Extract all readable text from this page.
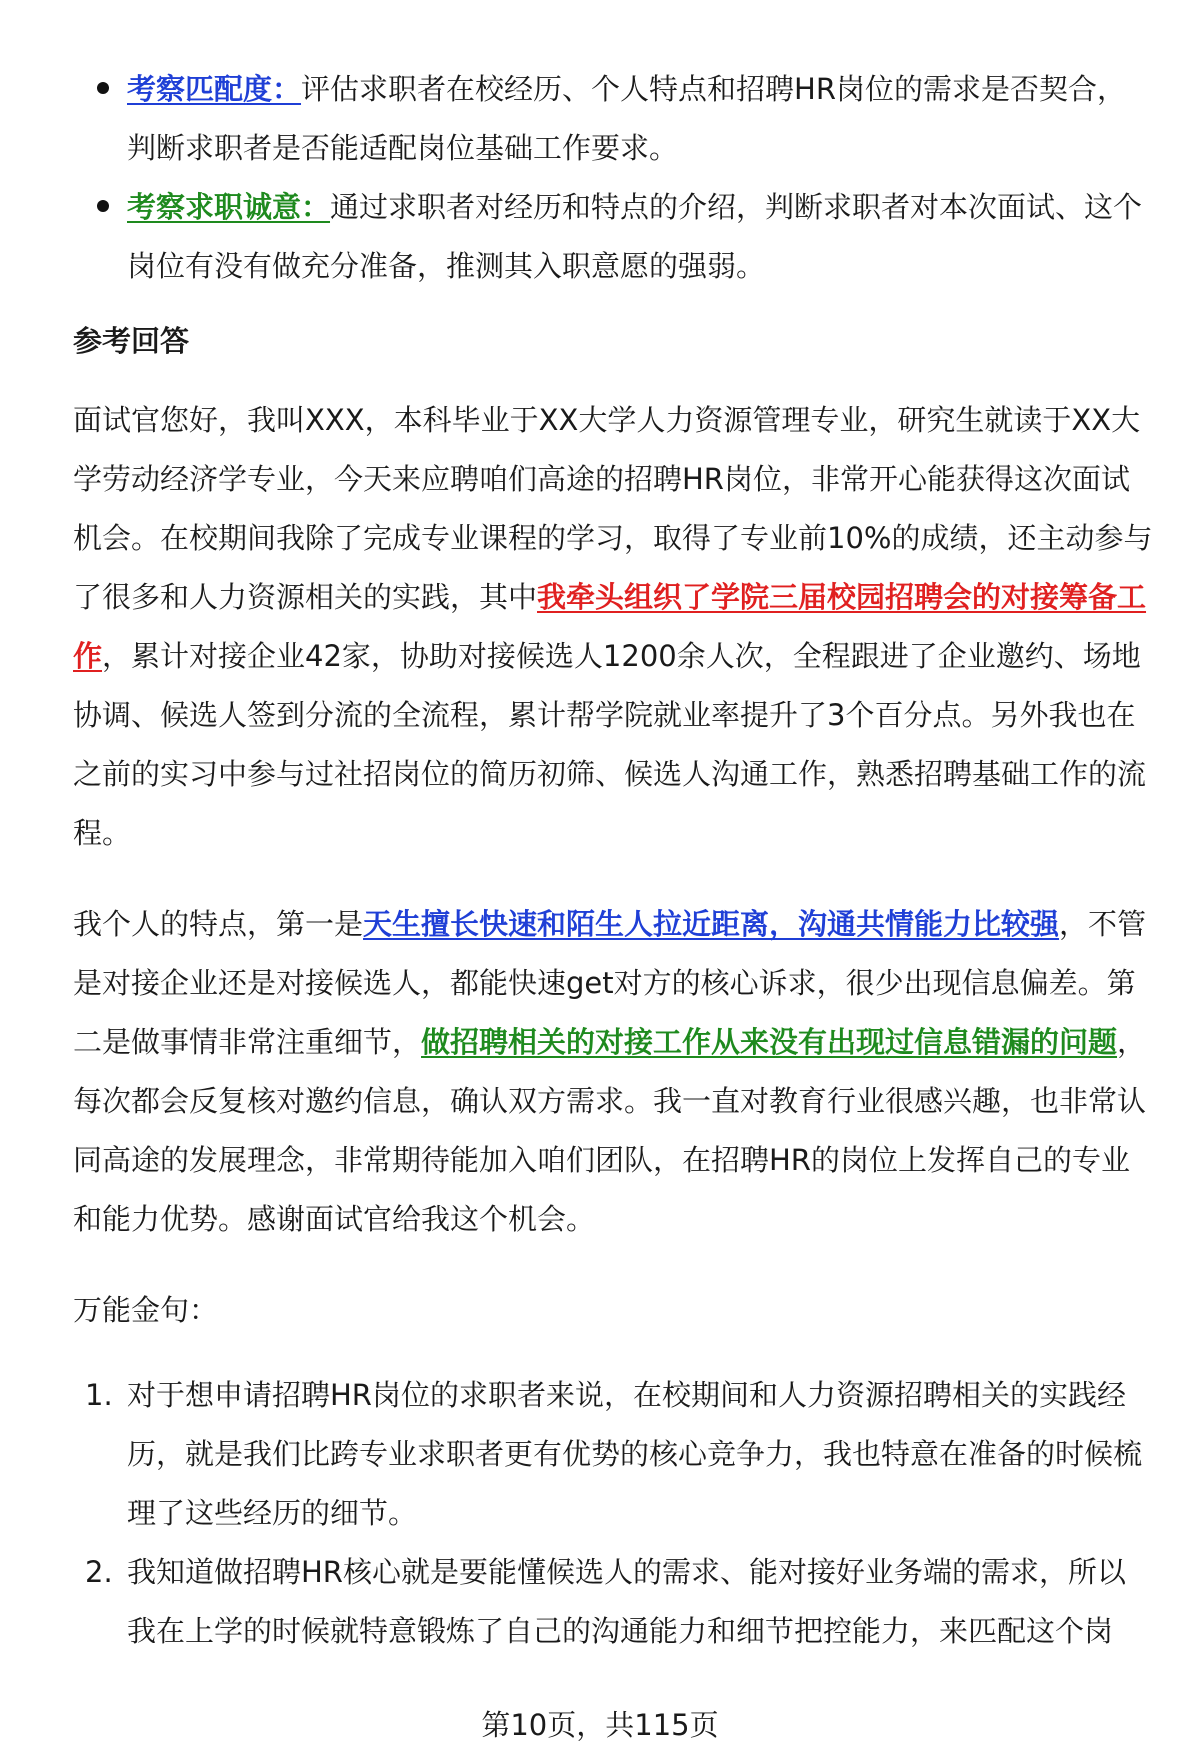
考察匹配度：评估求职者在校经历、个人特点和招聘HR岗位的需求是否契合，判断求职者是否能适配岗位基础工作要求。
考察求职诚意：通过求职者对经历和特点的介绍，判断求职者对本次面试、这个岗位有没有做充分准备，推测其入职意愿的强弱。
参考回答

面试官您好，我叫XXX，本科毕业于XX大学人力资源管理专业，研究生就读于XX大学劳动经济学专业，今天来应聘咱们高途的招聘HR岗位，非常开心能获得这次面试机会。在校期间我除了完成专业课程的学习，取得了专业前10%的成绩，还主动参与了很多和人力资源相关的实践，其中我牵头组织了学院三届校园招聘会的对接筹备工作，累计对接企业42家，协助对接候选人1200余人次，全程跟进了企业邀约、场地协调、候选人签到分流的全流程，累计帮学院就业率提升了3个百分点。另外我也在之前的实习中参与过社招岗位的简历初筛、候选人沟通工作，熟悉招聘基础工作的流程。

我个人的特点，第一是天生擅长快速和陌生人拉近距离，沟通共情能力比较强，不管是对接企业还是对接候选人，都能快速get对方的核心诉求，很少出现信息偏差。第二是做事情非常注重细节，做招聘相关的对接工作从来没有出现过信息错漏的问题，每次都会反复核对邀约信息，确认双方需求。我一直对教育行业很感兴趣，也非常认同高途的发展理念，非常期待能加入咱们团队，在招聘HR的岗位上发挥自己的专业和能力优势。感谢面试官给我这个机会。

万能金句：
1. 对于想申请招聘HR岗位的求职者来说，在校期间和人力资源招聘相关的实践经历，就是我们比跨专业求职者更有优势的核心竞争力，我也特意在准备的时候梳理了这些经历的细节。
2. 我知道做招聘HR核心就是要能懂候选人的需求、能对接好业务端的需求，所以我在上学的时候就特意锻炼了自己的沟通能力和细节把控能力，来匹配这个岗
第10页，共115页
